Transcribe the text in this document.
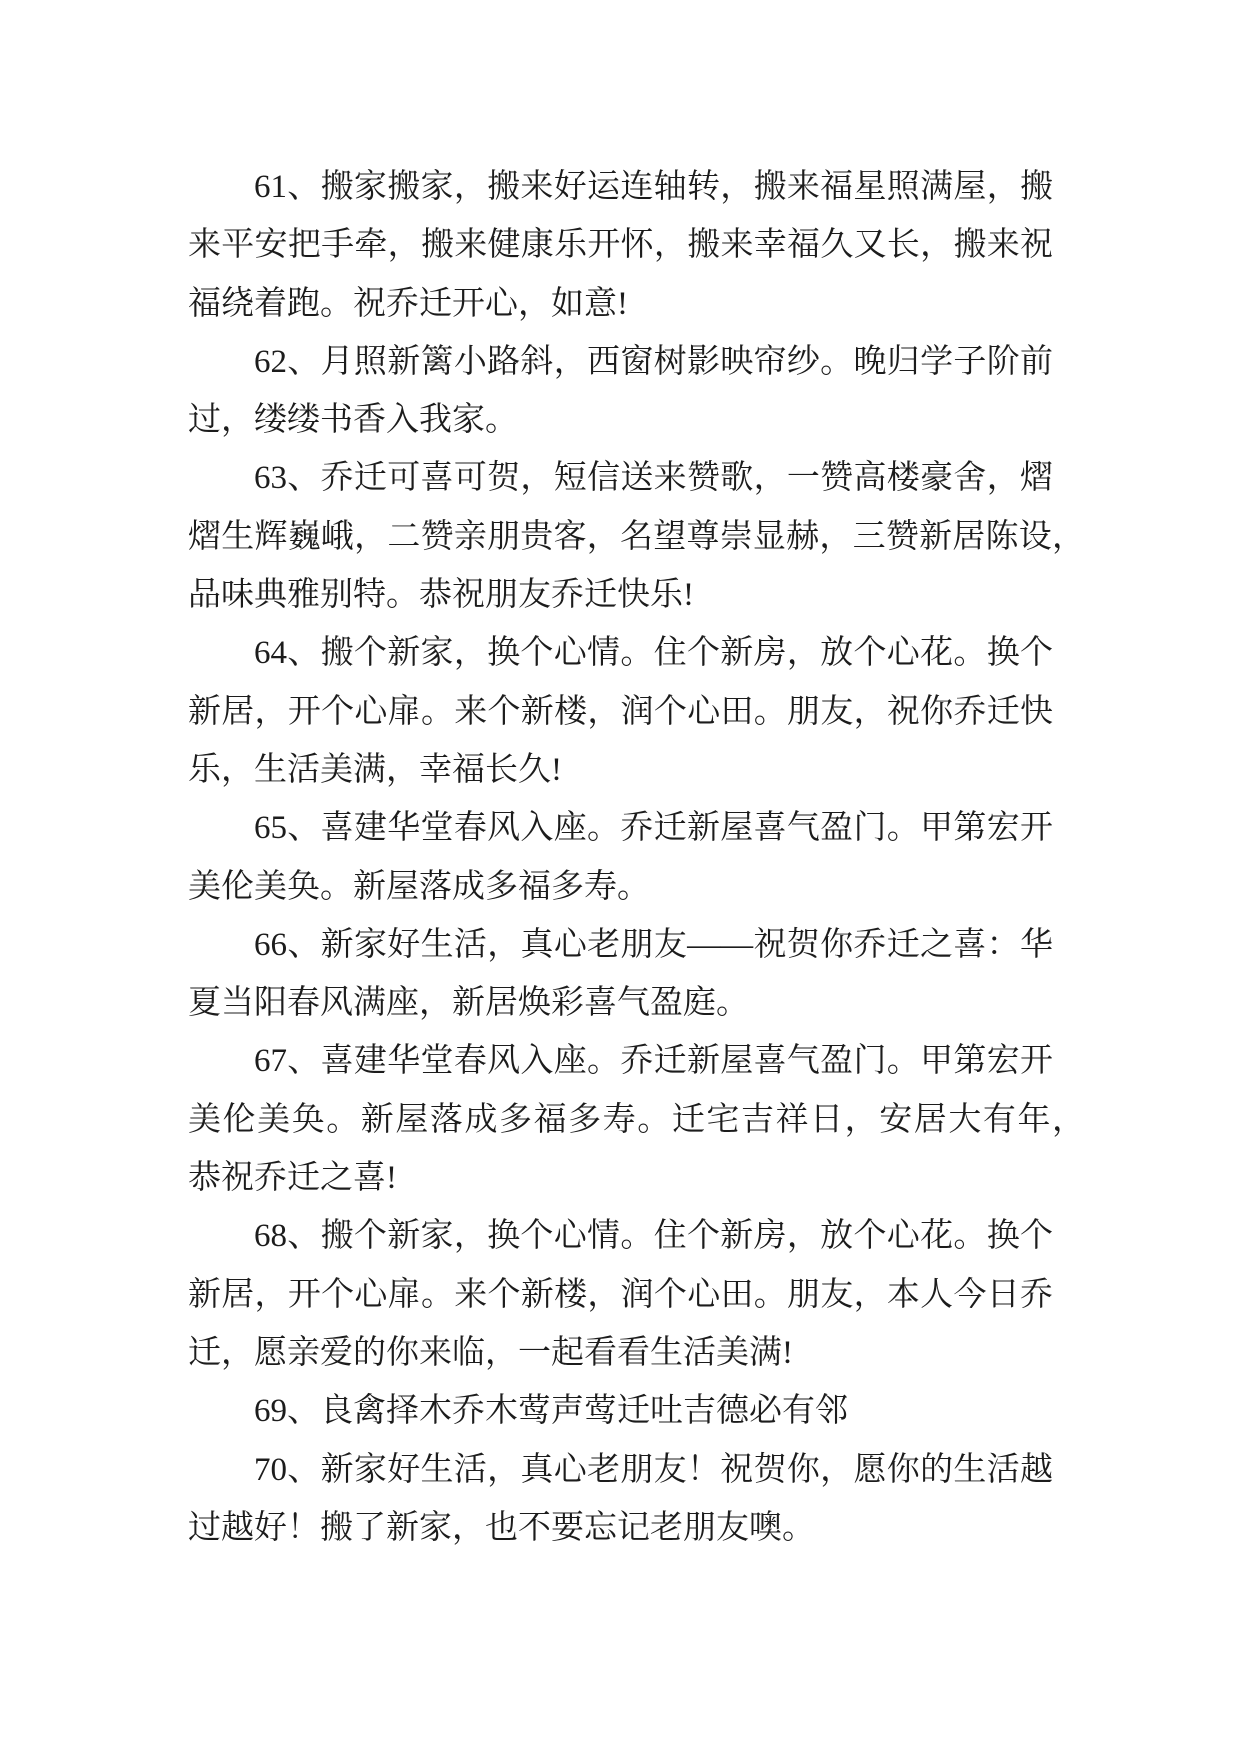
61、搬家搬家，搬来好运连轴转，搬来福星照满屋，搬
来平安把手牵，搬来健康乐开怀，搬来幸福久又长，搬来祝
福绕着跑。祝乔迁开心，如意!
62、月照新篱小路斜，西窗树影映帘纱。晚归学子阶前
过，缕缕书香入我家。
63、乔迁可喜可贺，短信送来赞歌，一赞高楼豪舍，熠
熠生辉巍峨，二赞亲朋贵客，名望尊崇显赫，三赞新居陈设，
品味典雅别特。恭祝朋友乔迁快乐!
64、搬个新家，换个心情。住个新房，放个心花。换个
新居，开个心扉。来个新楼，润个心田。朋友，祝你乔迁快
乐，生活美满，幸福长久!
65、喜建华堂春风入座。乔迁新屋喜气盈门。甲第宏开
美伦美奂。新屋落成多福多寿。
66、新家好生活，真心老朋友——祝贺你乔迁之喜：华
夏当阳春风满座，新居焕彩喜气盈庭。
67、喜建华堂春风入座。乔迁新屋喜气盈门。甲第宏开
美伦美奂。新屋落成多福多寿。迁宅吉祥日，安居大有年，
恭祝乔迁之喜!
68、搬个新家，换个心情。住个新房，放个心花。换个
新居，开个心扉。来个新楼，润个心田。朋友，本人今日乔
迁，愿亲爱的你来临，一起看看生活美满!
69、良禽择木乔木莺声莺迁吐吉德必有邻
70、新家好生活，真心老朋友！祝贺你，愿你的生活越
过越好！搬了新家，也不要忘记老朋友噢。
